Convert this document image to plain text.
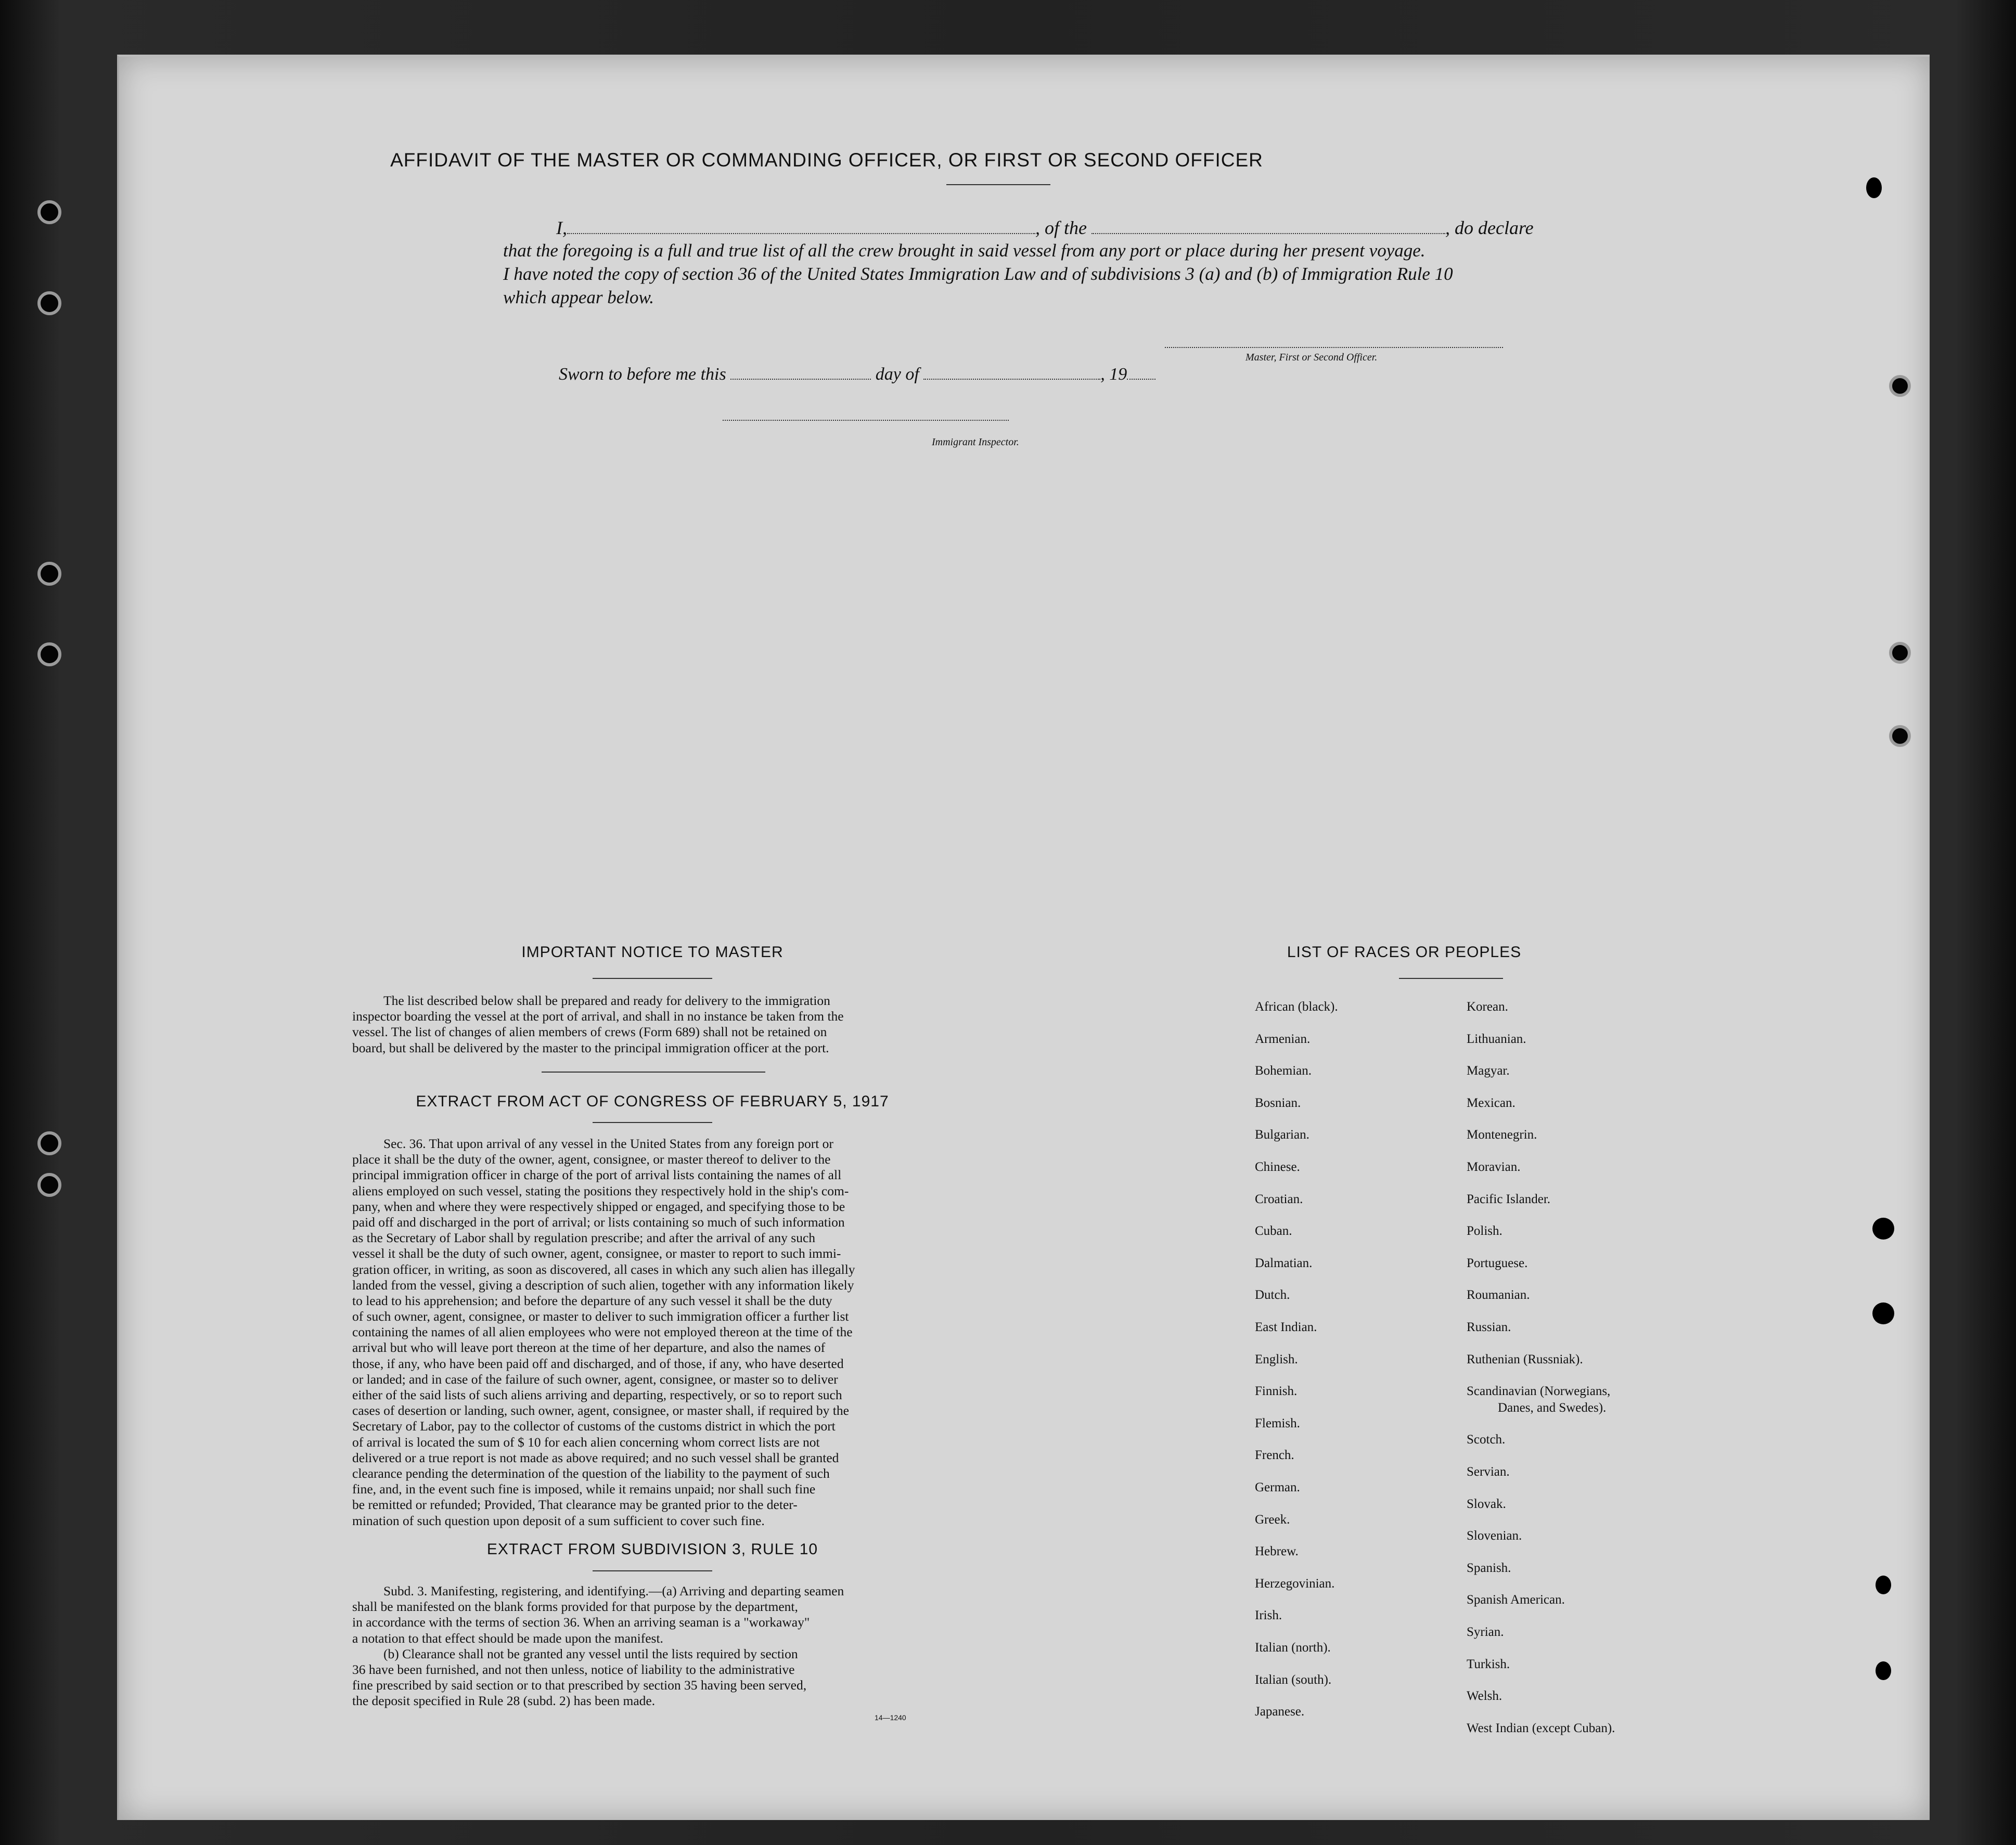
AFFIDAVIT OF THE MASTER OR COMMANDING OFFICER, OR FIRST OR SECOND OFFICER
I,	, of the	, do declare
that the foregoing is a full and true list of all the crew brought in said vessel from any port or place during her present voyage.
I have noted the copy of section 36 of the United States Immigration Law and of subdivisions 3 (a) and (b) of Immigration Rule 10
which appear below.
Master, First or Second Officer.
Sworn to before me this	day of	, 19
Immigrant Inspector.
IMPORTANT NOTICE TO MASTER
The list described below shall be prepared and ready for delivery to the immigration
inspector boarding the vessel at the port of arrival, and shall in no instance be taken from the
vessel. The list of changes of alien members of crews (Form 689) shall not be retained on
board, but shall be delivered by the master to the principal immigration officer at the port.
EXTRACT FROM ACT OF CONGRESS OF FEBRUARY 5, 1917
Sec. 36. That upon arrival of any vessel in the United States from any foreign port or
place it shall be the duty of the owner, agent, consignee, or master thereof to deliver to the
principal immigration officer in charge of the port of arrival lists containing the names of all
aliens employed on such vessel, stating the positions they respectively hold in the ship's com-
pany, when and where they were respectively shipped or engaged, and specifying those to be
paid off and discharged in the port of arrival; or lists containing so much of such information
as the Secretary of Labor shall by regulation prescribe; and after the arrival of any such
vessel it shall be the duty of such owner, agent, consignee, or master to report to such immi-
gration officer, in writing, as soon as discovered, all cases in which any such alien has illegally
landed from the vessel, giving a description of such alien, together with any information likely
to lead to his apprehension; and before the departure of any such vessel it shall be the duty
of such owner, agent, consignee, or master to deliver to such immigration officer a further list
containing the names of all alien employees who were not employed thereon at the time of the
arrival but who will leave port thereon at the time of her departure, and also the names of
those, if any, who have been paid off and discharged, and of those, if any, who have deserted
or landed; and in case of the failure of such owner, agent, consignee, or master so to deliver
either of the said lists of such aliens arriving and departing, respectively, or so to report such
cases of desertion or landing, such owner, agent, consignee, or master shall, if required by the
Secretary of Labor, pay to the collector of customs of the customs district in which the port
of arrival is located the sum of $ 10 for each alien concerning whom correct lists are not
delivered or a true report is not made as above required; and no such vessel shall be granted
clearance pending the determination of the question of the liability to the payment of such
fine, and, in the event such fine is imposed, while it remains unpaid; nor shall such fine
be remitted or refunded; Provided, That clearance may be granted prior to the deter-
mination of such question upon deposit of a sum sufficient to cover such fine.
EXTRACT FROM SUBDIVISION 3, RULE 10
Subd. 3. Manifesting, registering, and identifying.—(a) Arriving and departing seamen
shall be manifested on the blank forms provided for that purpose by the department,
in accordance with the terms of section 36. When an arriving seaman is a "workaway"
a notation to that effect should be made upon the manifest.
(b) Clearance shall not be granted any vessel until the lists required by section
36 have been furnished, and not then unless, notice of liability to the administrative
fine prescribed by said section or to that prescribed by section 35 having been served,
the deposit specified in Rule 28 (subd. 2) has been made.
14—1240
LIST OF RACES OR PEOPLES
African (black).
Armenian.
Bohemian.
Bosnian.
Bulgarian.
Chinese.
Croatian.
Cuban.
Dalmatian.
Dutch.
East Indian.
English.
Finnish.
Flemish.
French.
German.
Greek.
Hebrew.
Herzegovinian.
Irish.
Italian (north).
Italian (south).
Japanese.
Korean.
Lithuanian.
Magyar.
Mexican.
Montenegrin.
Moravian.
Pacific Islander.
Polish.
Portuguese.
Roumanian.
Russian.
Ruthenian (Russniak).
Scandinavian (Norwegians,
Danes, and Swedes).
Scotch.
Servian.
Slovak.
Slovenian.
Spanish.
Spanish American.
Syrian.
Turkish.
Welsh.
West Indian (except Cuban).
